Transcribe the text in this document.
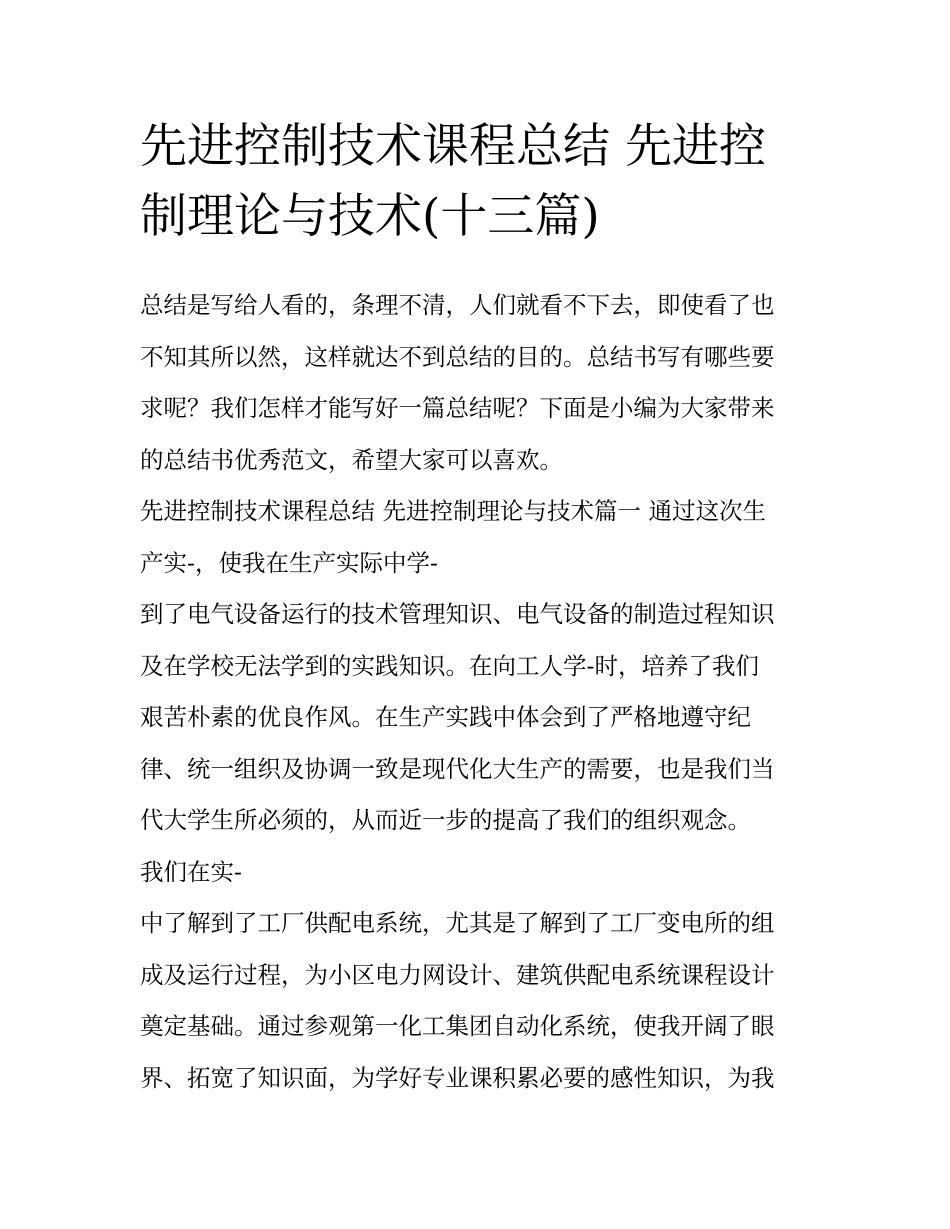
先进控制技术课程总结 先进控
制理论与技术(十三篇)
总结是写给人看的，条理不清，人们就看不下去，即使看了也
不知其所以然，这样就达不到总结的目的。总结书写有哪些要
求呢？我们怎样才能写好一篇总结呢？下面是小编为大家带来
的总结书优秀范文，希望大家可以喜欢。
先进控制技术课程总结 先进控制理论与技术篇一 通过这次生
产实-，使我在生产实际中学-
到了电气设备运行的技术管理知识、电气设备的制造过程知识
及在学校无法学到的实践知识。在向工人学-时，培养了我们
艰苦朴素的优良作风。在生产实践中体会到了严格地遵守纪
律、统一组织及协调一致是现代化大生产的需要，也是我们当
代大学生所必须的，从而近一步的提高了我们的组织观念。
我们在实-
中了解到了工厂供配电系统，尤其是了解到了工厂变电所的组
成及运行过程，为小区电力网设计、建筑供配电系统课程设计
奠定基础。通过参观第一化工集团自动化系统，使我开阔了眼
界、拓宽了知识面，为学好专业课积累必要的感性知识，为我
